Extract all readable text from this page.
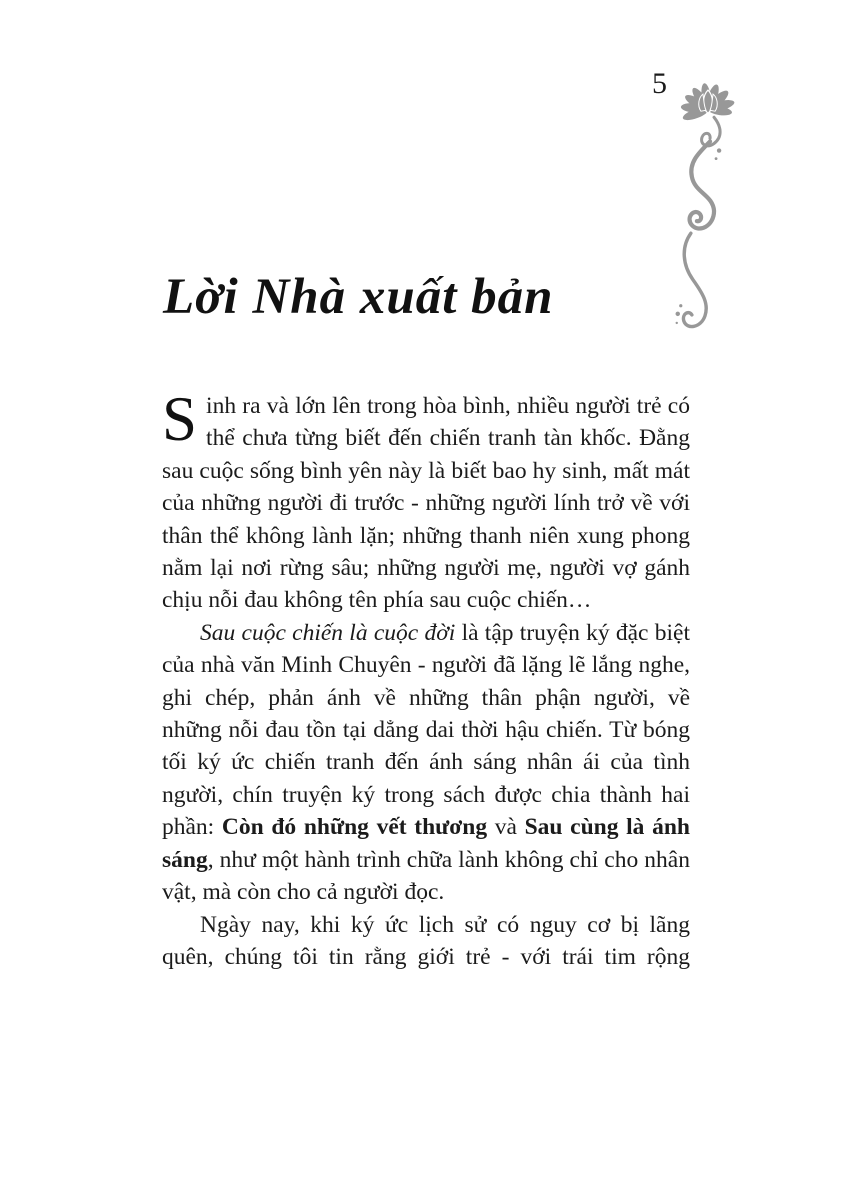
5
Lời Nhà xuất bản

Sinh ra và lớn lên trong hòa bình, nhiều người trẻ có thể chưa từng biết đến chiến tranh tàn khốc. Đằng sau cuộc sống bình yên này là biết bao hy sinh, mất mát của những người đi trước - những người lính trở về với thân thể không lành lặn; những thanh niên xung phong nằm lại nơi rừng sâu; những người mẹ, người vợ gánh chịu nỗi đau không tên phía sau cuộc chiến…

Sau cuộc chiến là cuộc đời là tập truyện ký đặc biệt của nhà văn Minh Chuyên - người đã lặng lẽ lắng nghe, ghi chép, phản ánh về những thân phận người, về những nỗi đau tồn tại dẳng dai thời hậu chiến. Từ bóng tối ký ức chiến tranh đến ánh sáng nhân ái của tình người, chín truyện ký trong sách được chia thành hai phần: Còn đó những vết thương và Sau cùng là ánh sáng, như một hành trình chữa lành không chỉ cho nhân vật, mà còn cho cả người đọc.

Ngày nay, khi ký ức lịch sử có nguy cơ bị lãng quên, chúng tôi tin rằng giới trẻ - với trái tim rộng
